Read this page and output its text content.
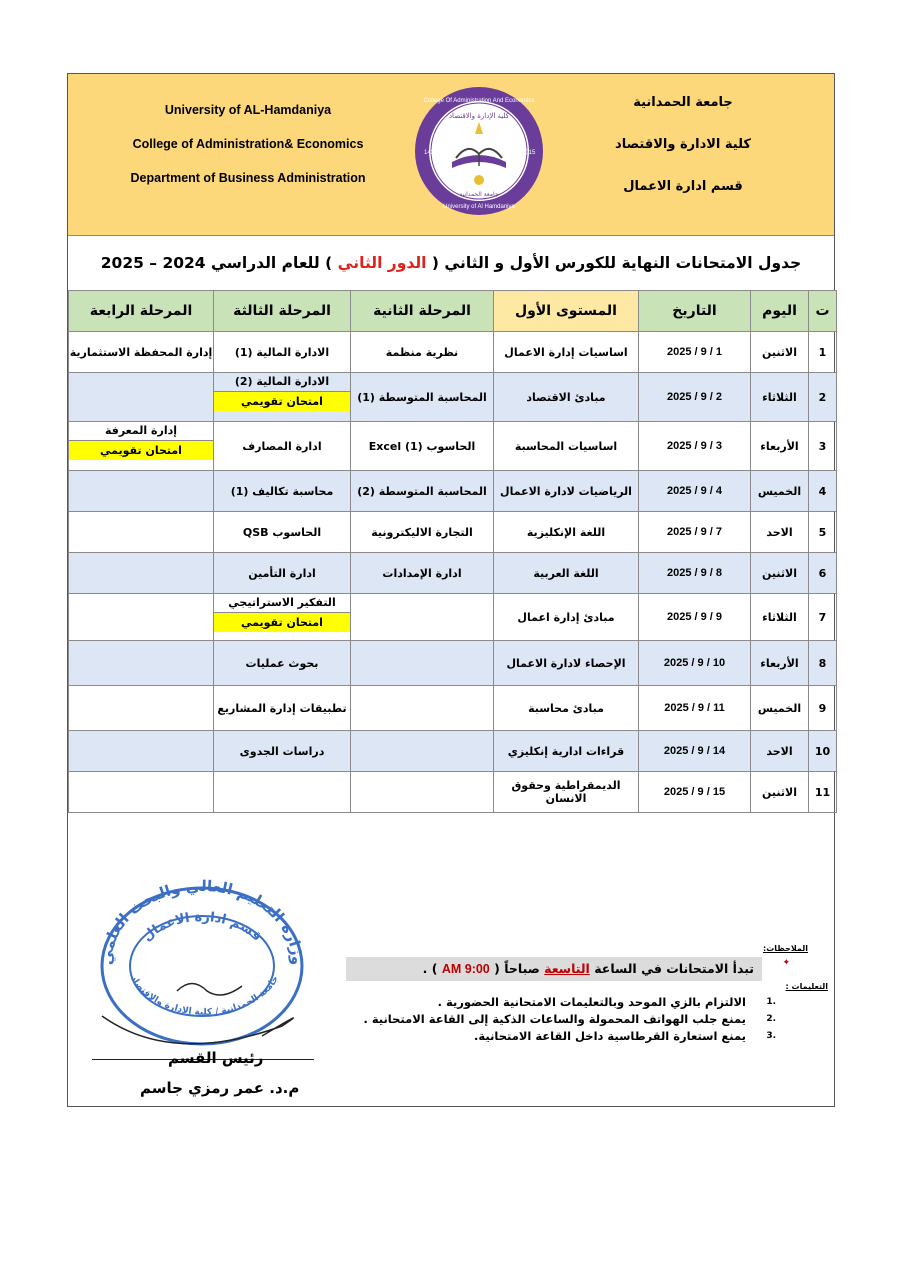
University of AL-Hamdaniya
College of Administration& Economics
Department of Business Administration
College Of Administration And Economics
University of Al Hamdaniya
1436	2015
كلية الإدارة والاقتصاد
جامعة الحمدانية
جامعة الحمدانية
كلية الادارة والاقتصاد
قسم ادارة الاعمال
جدول الامتحانات النهاية للكورس الأول و الثاني ( الدور الثاني ) للعام الدراسي 2024 – 2025
ت	اليوم	التاريخ	المستوى الأول	المرحلة الثانية	المرحلة الثالثة	المرحلة الرابعة
1	الاثنين	2025 / 9 / 1	اساسيات إدارة الاعمال	نظرية منظمة	الادارة المالية (1)	إدارة المحفظة الاستثمارية
2	الثلاثاء	2025 / 9 / 2	مبادئ الاقتصاد	المحاسبة المتوسطة (1)	الادارة المالية (2)
امتحان تقويمي	

3	الأربعاء	2025 / 9 / 3	اساسيات المحاسبة	الحاسوب (1) Excel	ادارة المصارف	إدارة المعرفة
امتحان تقويمي

4	الخميس	2025 / 9 / 4	الرياضيات لادارة الاعمال	المحاسبة المتوسطة (2)	محاسبة تكاليف (1)	
5	الاحد	2025 / 9 / 7	اللغة الإنكليزية	التجارة الاليكترونية	الحاسوب QSB	
6	الاثنين	2025 / 9 / 8	اللغة العربية	ادارة الإمدادات	ادارة التأمين	
7	الثلاثاء	2025 / 9 / 9	مبادئ إدارة اعمال		التفكير الاستراتيجي
امتحان تقويمي	

8	الأربعاء	2025 / 9 / 10	الإحصاء لادارة الاعمال		بحوث عمليات	
9	الخميس	2025 / 9 / 11	مبادئ محاسبة		تطبيقات إدارة المشاريع	
10	الاحد	2025 / 9 / 14	قراءات ادارية إنكليزي		دراسات الجدوى	
11	الاثنين	2025 / 9 / 15	الديمقراطية وحقوق الانسان			
الملاحظات:
✦
تبدأ الامتحانات في الساعة التاسعة صباحاً ( AM 9:00 ) .
التعليمات :
.1
الالتزام بالزي الموحد وبالتعليمات الامتحانية الحضورية .
.2
يمنع جلب الهواتف المحمولة والساعات الذكية إلى القاعة الامتحانية .
.3
يمنع استعارة القرطاسية داخل القاعة الامتحانية.
وزارة التعليم العالي والبحث العلمي
قسم ادارة الاعمال
جامعة الحمدانية / كلية الادارة والاقتصاد
رئيس القسم
م.د. عمر رمزي جاسم
